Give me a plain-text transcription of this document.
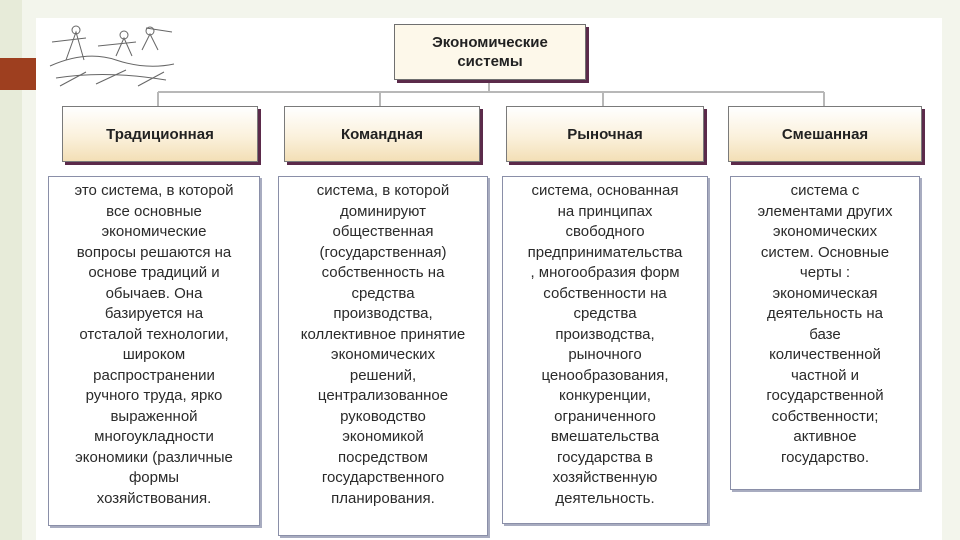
Экономические
системы
Традиционная	Командная	Рыночная	Смешанная
это система, в которой
все основные
экономические
вопросы решаются на
основе традиций и
обычаев. Она
базируется на
отсталой технологии,
широком
распространении
ручного труда, ярко
выраженной
многоукладности
экономики (различные
формы
хозяйствования.
система, в которой
доминируют
общественная
(государственная)
собственность на
средства
производства,
коллективное принятие
экономических
решений,
централизованное
руководство
экономикой
посредством
государственного
планирования.
система, основанная
на принципах
свободного
предпринимательства
, многообразия форм
собственности на
средства
производства,
рыночного
ценообразования,
конкуренции,
ограниченного
вмешательства
государства в
хозяйственную
деятельность.
система с
элементами других
экономических
систем. Основные
черты :
экономическая
деятельность на
базе
количественной
частной и
государственной
собственности;
активное
государство.
